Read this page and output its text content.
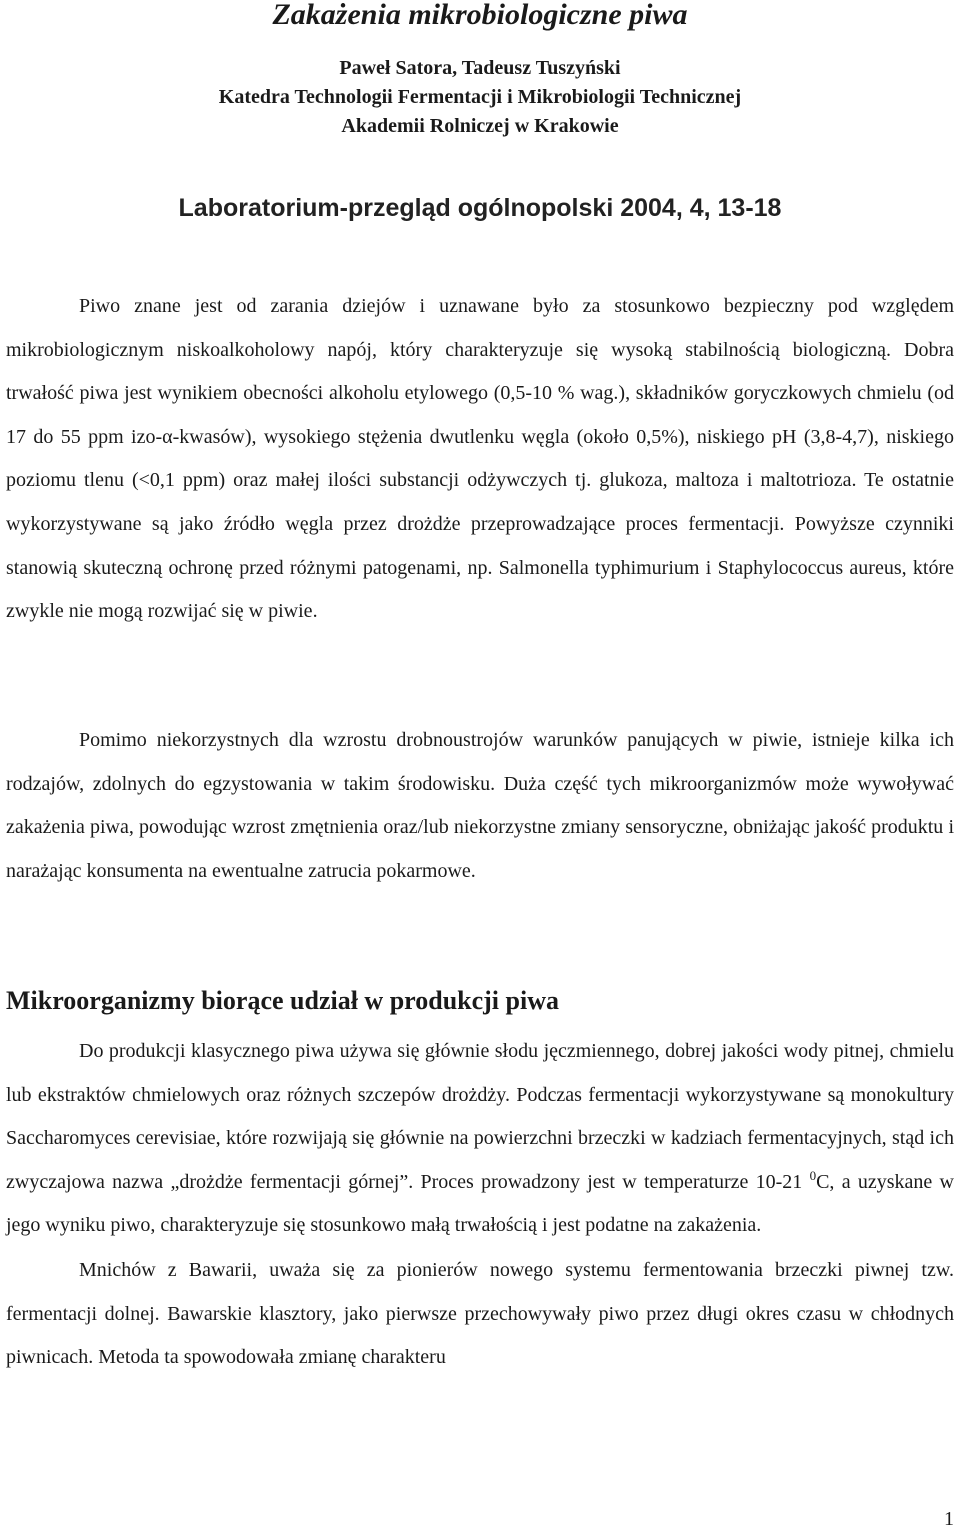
Zakażenia mikrobiologiczne piwa
Paweł Satora, Tadeusz Tuszyński
Katedra Technologii Fermentacji i Mikrobiologii Technicznej
Akademii Rolniczej w Krakowie
Laboratorium-przegląd ogólnopolski 2004, 4, 13-18

Piwo znane jest od zarania dziejów i uznawane było za stosunkowo bezpieczny pod względem mikrobiologicznym niskoalkoholowy napój, który charakteryzuje się wysoką stabilnością biologiczną. Dobra trwałość piwa jest wynikiem obecności alkoholu etylowego (0,5-10 % wag.), składników goryczkowych chmielu (od 17 do 55 ppm izo-α-kwasów), wysokiego stężenia dwutlenku węgla (około 0,5%), niskiego pH (3,8-4,7), niskiego poziomu tlenu (<0,1 ppm) oraz małej ilości substancji odżywczych tj. glukoza, maltoza i maltotrioza. Te ostatnie wykorzystywane są jako źródło węgla przez drożdże przeprowadzające proces fermentacji. Powyższe czynniki stanowią skuteczną ochronę przed różnymi patogenami, np. Salmonella typhimurium i Staphylococcus aureus, które zwykle nie mogą rozwijać się w piwie.

Pomimo niekorzystnych dla wzrostu drobnoustrojów warunków panujących w piwie, istnieje kilka ich rodzajów, zdolnych do egzystowania w takim środowisku. Duża część tych mikroorganizmów może wywoływać zakażenia piwa, powodując wzrost zmętnienia oraz/lub niekorzystne zmiany sensoryczne, obniżając jakość produktu i narażając konsumenta na ewentualne zatrucia pokarmowe.

Mikroorganizmy biorące udział w produkcji piwa

Do produkcji klasycznego piwa używa się głównie słodu jęczmiennego, dobrej jakości wody pitnej, chmielu lub ekstraktów chmielowych oraz różnych szczepów drożdży. Podczas fermentacji wykorzystywane są monokultury Saccharomyces cerevisiae, które rozwijają się głównie na powierzchni brzeczki w kadziach fermentacyjnych, stąd ich zwyczajowa nazwa „drożdże fermentacji górnej”. Proces prowadzony jest w temperaturze 10-21 $^0$C, a uzyskane w jego wyniku piwo, charakteryzuje się stosunkowo małą trwałością i jest podatne na zakażenia.

Mnichów z Bawarii, uważa się za pionierów nowego systemu fermentowania brzeczki piwnej tzw. fermentacji dolnej. Bawarskie klasztory, jako pierwsze przechowywały piwo przez długi okres czasu w chłodnych piwnicach. Metoda ta spowodowała zmianę charakteru

1
